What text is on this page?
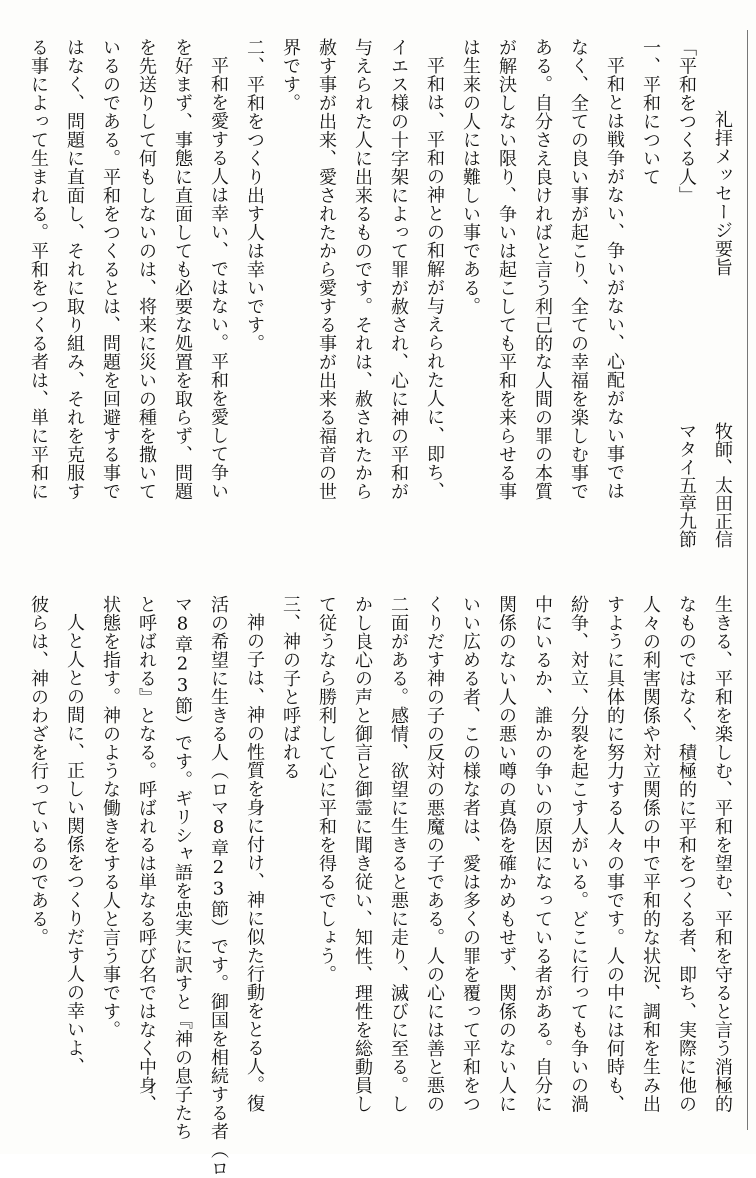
礼拝メッセージ要旨
「平和をつくる人」
一、平和について
平和とは戦争がない、争いがない、心配がない事では
なく、全ての良い事が起こり、全ての幸福を楽しむ事で
ある。自分さえ良ければと言う利己的な人間の罪の本質
が解決しない限り、争いは起こしても平和を来らせる事
は生来の人には難しい事である。
平和は、平和の神との和解が与えられた人に、即ち、
イエス様の十字架によって罪が赦され、心に神の平和が
与えられた人に出来るものです。それは、赦されたから
赦す事が出来、愛されたから愛する事が出来る福音の世
界です。
二、平和をつくり出す人は幸いです。
平和を愛する人は幸い、ではない。平和を愛して争い
を好まず、事態に直面しても必要な処置を取らず、問題
を先送りして何もしないのは、将来に災いの種を撒いて
いるのである。平和をつくるとは、問題を回避する事で
はなく、問題に直面し、それに取り組み、それを克服す
る事によって生まれる。平和をつくる者は、単に平和に
生きる、平和を楽しむ、平和を望む、平和を守ると言う消極的
なものではなく、積極的に平和をつくる者、即ち、実際に他の
人々の利害関係や対立関係の中で平和的な状況、調和を生み出
すように具体的に努力する人々の事です。人の中には何時も、
紛争、対立、分裂を起こす人がいる。どこに行っても争いの渦
中にいるか、誰かの争いの原因になっている者がある。自分に
関係のない人の悪い噂の真偽を確かめもせず、関係のない人に
いい広める者、この様な者は、愛は多くの罪を覆って平和をつ
くりだす神の子の反対の悪魔の子である。人の心には善と悪の
二面がある。感情、欲望に生きると悪に走り、滅びに至る。し
かし良心の声と御言と御霊に聞き従い、知性、理性を総動員し
て従うなら勝利して心に平和を得るでしょう。
三、神の子と呼ばれる
神の子は、神の性質を身に付け、神に似た行動をとる人。復
活の希望に生きる人（ロマ8章23節）です。御国を相続する者（ロ
マ8章23節）です。ギリシャ語を忠実に訳すと『神の息子たち
と呼ばれる』となる。呼ばれるは単なる呼び名ではなく中身、
状態を指す。神のような働きをする人と言う事です。
人と人との間に、正しい関係をつくりだす人の幸いよ、
彼らは、神のわざを行っているのである。
牧師、太田正信
マタイ五章九節
